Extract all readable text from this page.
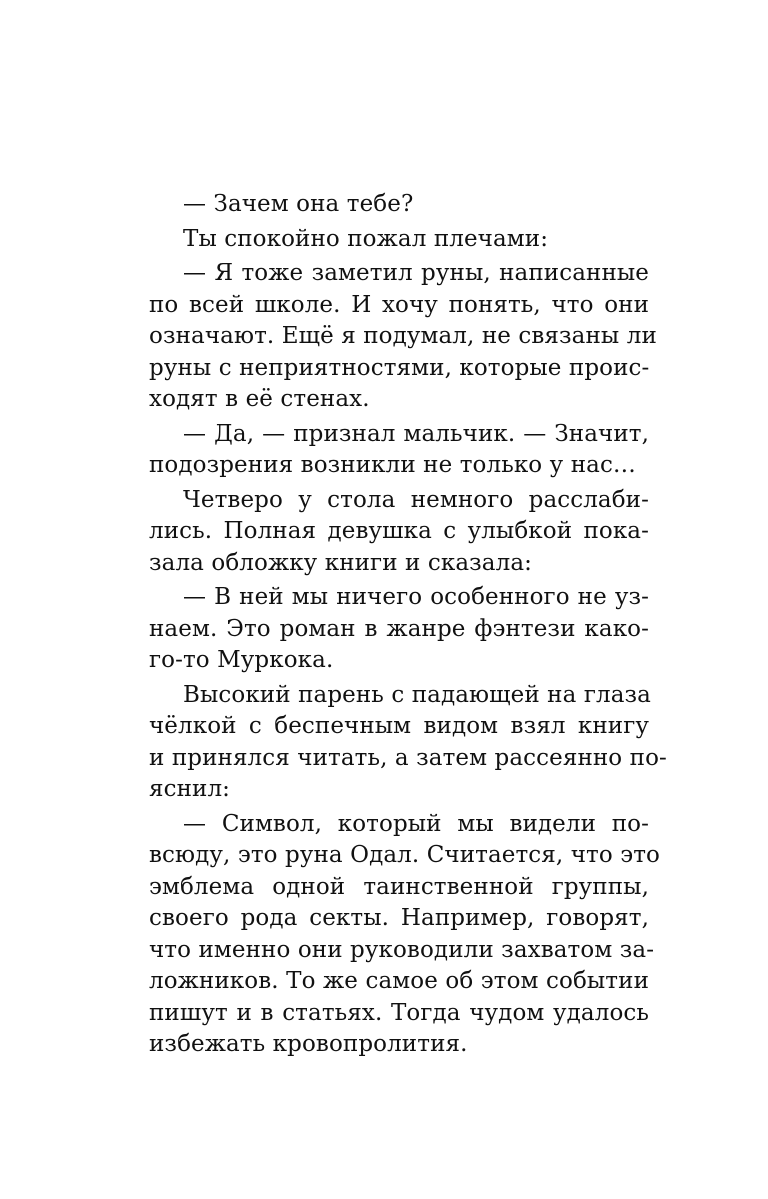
— Зачем она тебе?
Ты спокойно пожал плечами:
— Я тоже заметил руны, написанные
по всей школе. И хочу понять, что они
означают. Ещё я подумал, не связаны ли
руны с неприятностями, которые проис-
ходят в её стенах.
— Да, — признал мальчик. — Значит,
подозрения возникли не только у нас…
Четверо у стола немного расслаби-
лись. Полная девушка с улыбкой пока-
зала обложку книги и сказала:
— В ней мы ничего особенного не уз-
наем. Это роман в жанре фэнтези како-
го-то Муркока.
Высокий парень с падающей на глаза
чёлкой с беспечным видом взял книгу
и принялся читать, а затем рассеянно по-
яснил:
— Символ, который мы видели по-
всюду, это руна Одал. Считается, что это
эмблема одной таинственной группы,
своего рода секты. Например, говорят,
что именно они руководили захватом за-
ложников. То же самое об этом событии
пишут и в статьях. Тогда чудом удалось
избежать кровопролития.
